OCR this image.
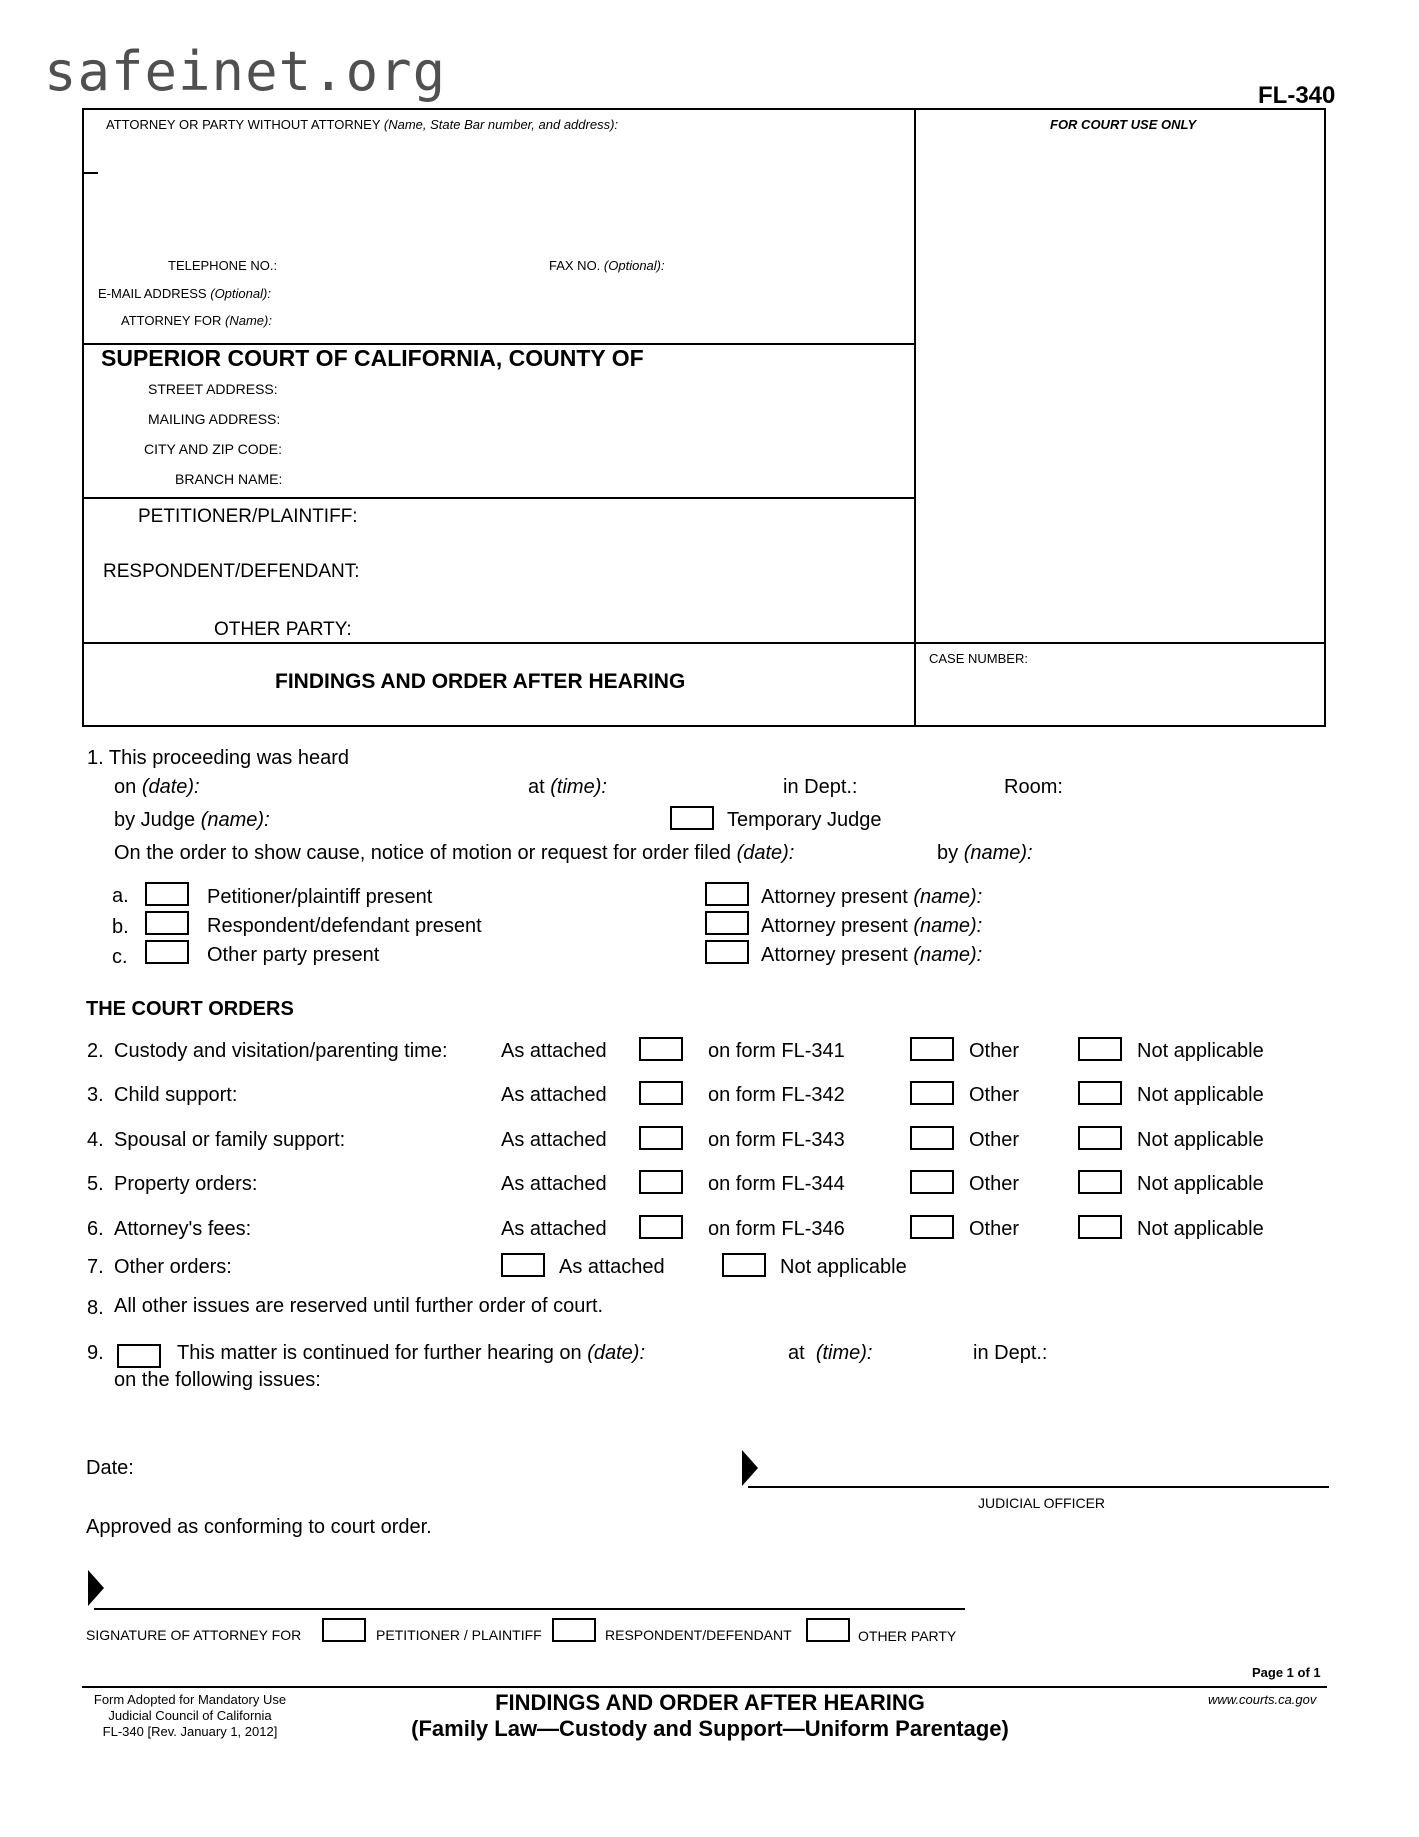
safeinet.org	FL-340
ATTORNEY OR PARTY WITHOUT ATTORNEY (Name, State Bar number, and address):	FOR COURT USE ONLY
TELEPHONE NO.:	FAX NO. (Optional):
E-MAIL ADDRESS (Optional):
ATTORNEY FOR (Name):
SUPERIOR COURT OF CALIFORNIA, COUNTY OF
STREET ADDRESS:
MAILING ADDRESS:
CITY AND ZIP CODE:
BRANCH NAME:
PETITIONER/PLAINTIFF:
RESPONDENT/DEFENDANT:
OTHER PARTY:
FINDINGS AND ORDER AFTER HEARING
CASE NUMBER:
1. This proceeding was heard
on (date):	at (time):	in Dept.:	Room:
by Judge (name):	Temporary Judge
On the order to show cause, notice of motion or request for order filed (date):	by (name):
a.	Petitioner/plaintiff present	Attorney present (name):
b.	Respondent/defendant present	Attorney present (name):
c.	Other party present	Attorney present (name):
THE COURT ORDERS
2. Custody and visitation/parenting time:	As attached	on form FL-341	Other	Not applicable
3. Child support:	As attached	on form FL-342	Other	Not applicable
4. Spousal or family support:	As attached	on form FL-343	Other	Not applicable
5. Property orders:	As attached	on form FL-344	Other	Not applicable
6. Attorney's fees:	As attached	on form FL-346	Other	Not applicable
7. Other orders:	As attached	Not applicable
8. All other issues are reserved until further order of court.
9.	This matter is continued for further hearing on (date):	at (time):	in Dept.:
on the following issues:
Date:
JUDICIAL OFFICER
Approved as conforming to court order.
SIGNATURE OF ATTORNEY FOR	PETITIONER / PLAINTIFF	RESPONDENT/DEFENDANT	OTHER PARTY
Page 1 of 1
Form Adopted for Mandatory Use
Judicial Council of California
FL-340 [Rev. January 1, 2012]
FINDINGS AND ORDER AFTER HEARING
(Family Law—Custody and Support—Uniform Parentage)
www.courts.ca.gov
